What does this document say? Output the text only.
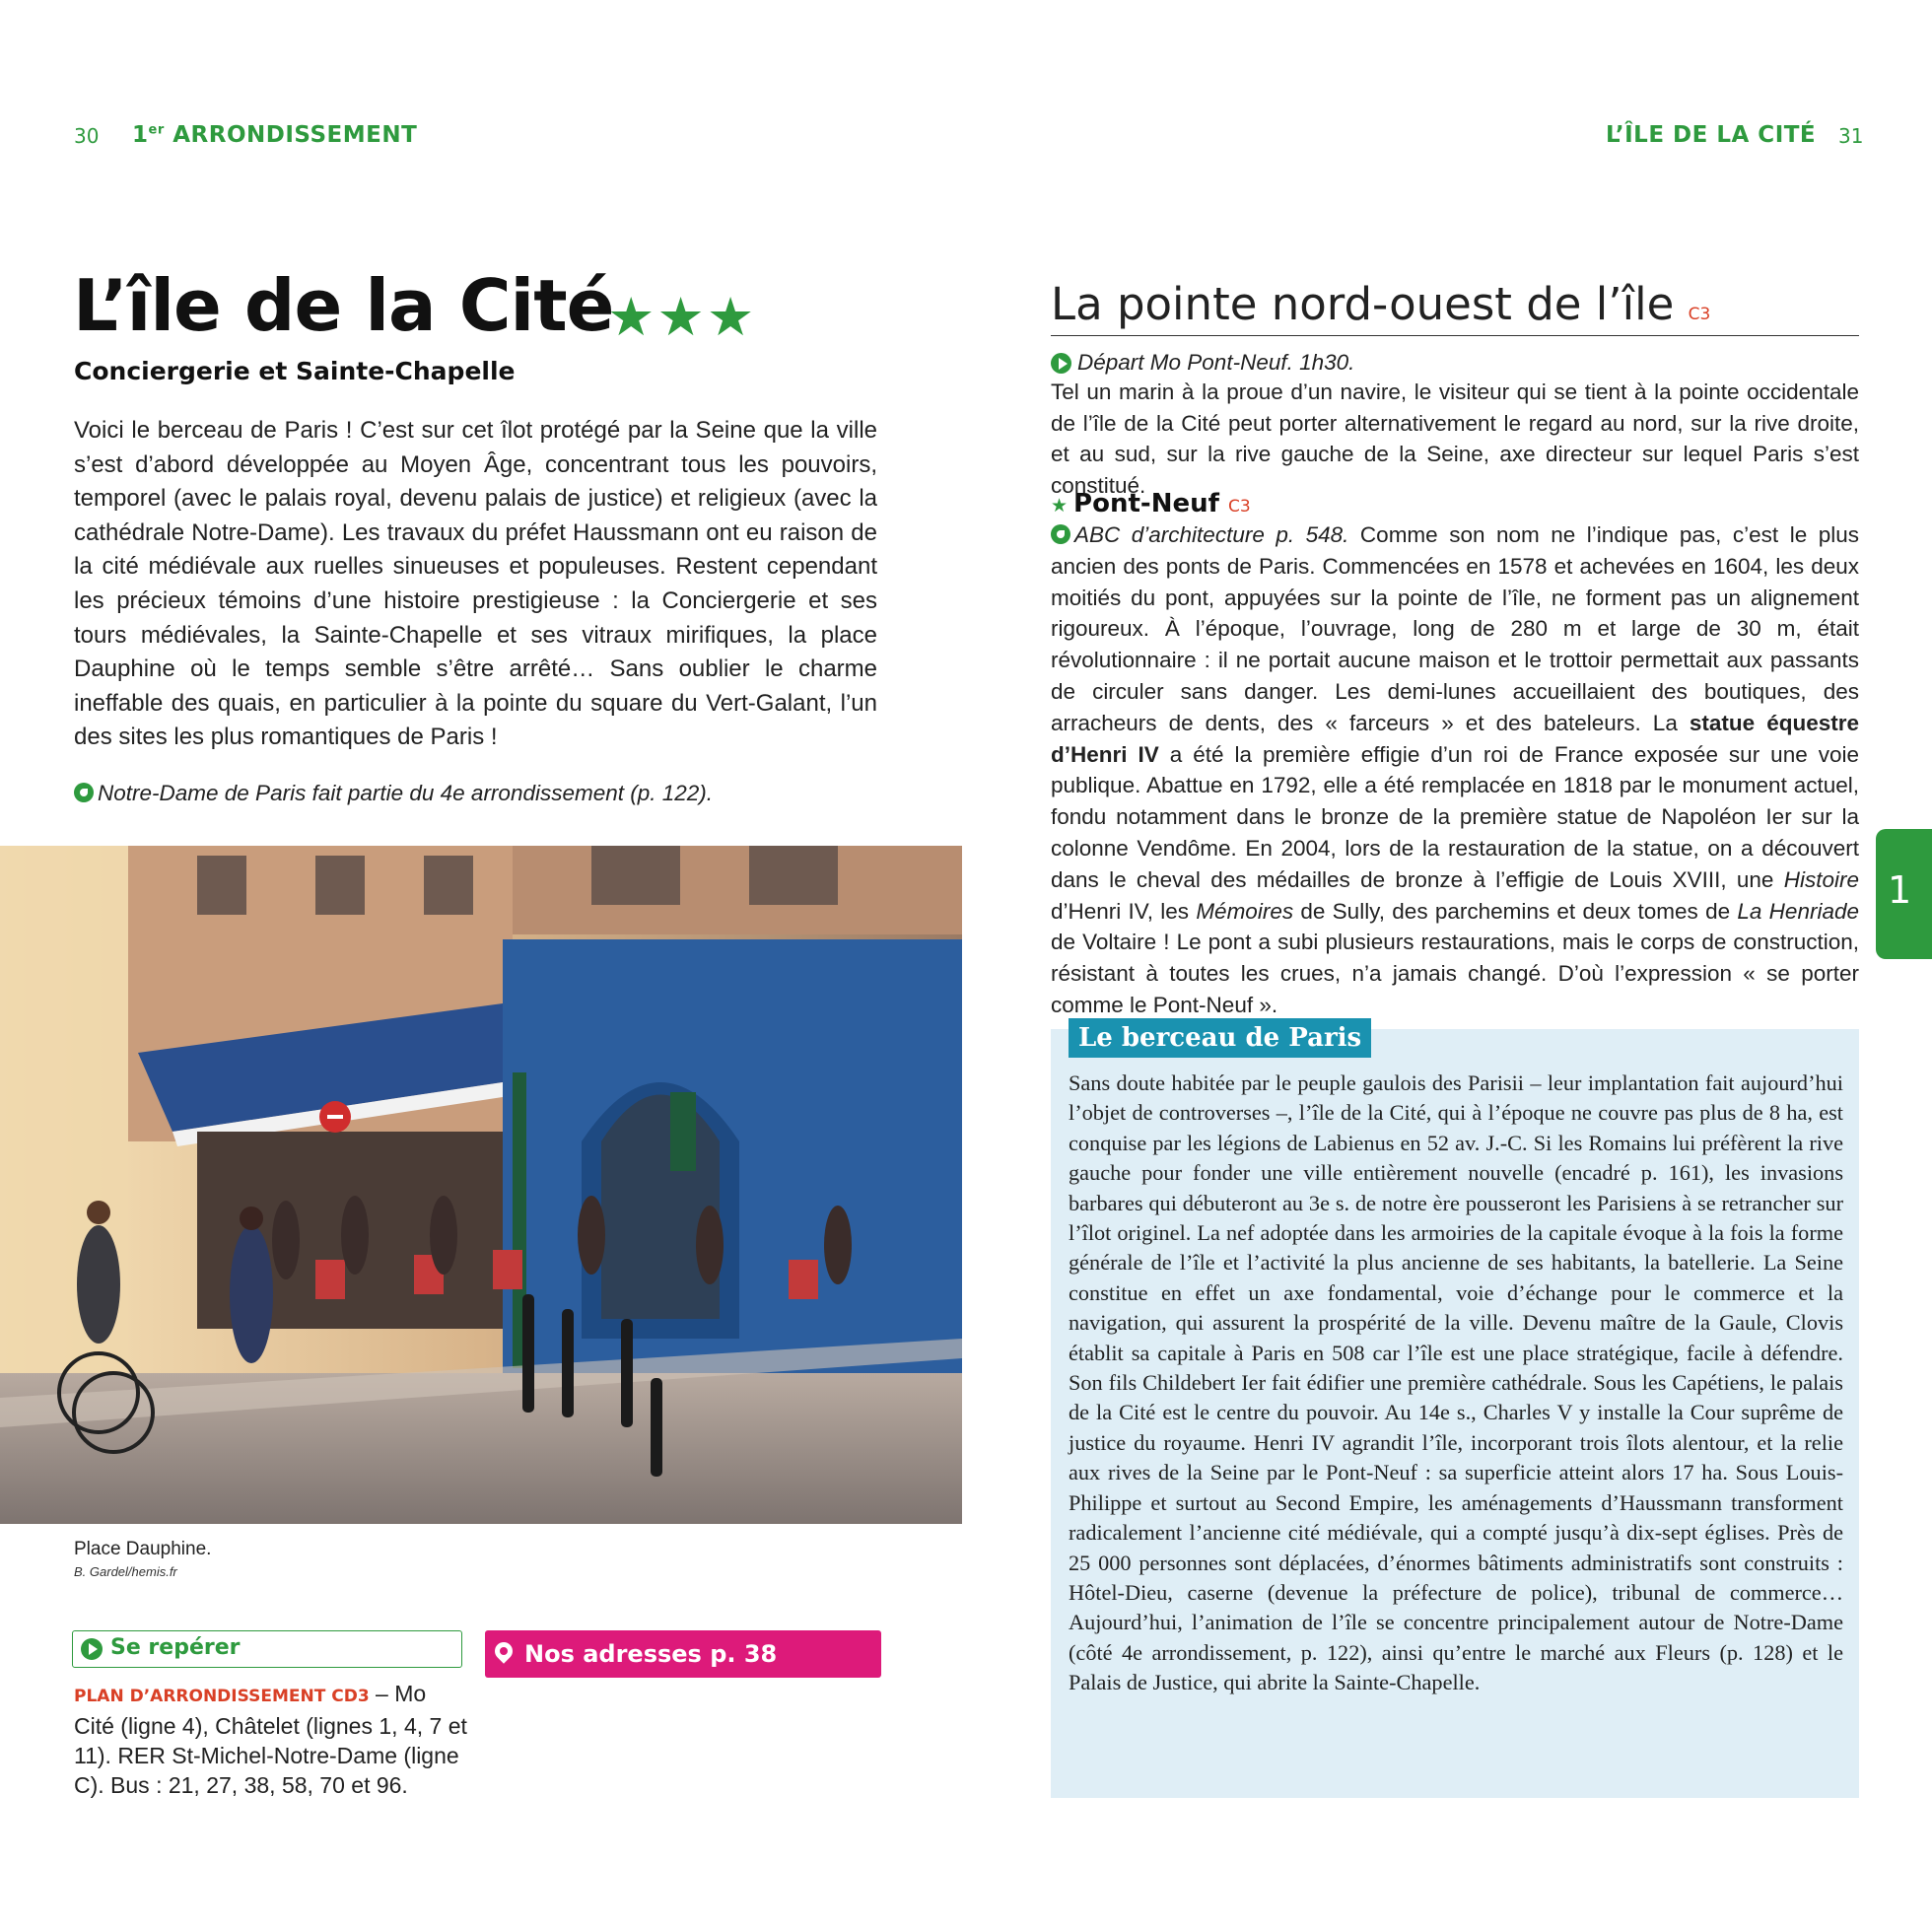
30 1er ARRONDISSEMENT
L’île de la Cité
★★★
Conciergerie et Sainte-Chapelle
Voici le berceau de Paris ! C’est sur cet îlot protégé par la Seine que la ville s’est d’abord développée au Moyen Âge, concentrant tous les pouvoirs, temporel (avec le palais royal, devenu palais de justice) et religieux (avec la cathédrale Notre-Dame). Les travaux du préfet Haussmann ont eu raison de la cité médiévale aux ruelles sinueuses et populeuses. Restent cependant les précieux témoins d’une histoire prestigieuse : la Conciergerie et ses tours médiévales, la Sainte-Chapelle et ses vitraux mirifiques, la place Dauphine où le temps semble s’être arrêté… Sans oublier le charme ineffable des quais, en particulier à la pointe du square du Vert-Galant, l’un des sites les plus romantiques de Paris !
Notre-Dame de Paris fait partie du 4e arrondissement (p. 122).
Place Dauphine.
B. Gardel/hemis.fr
Se repérer	Nos adresses p. 38
PLAN D’ARRONDISSEMENT CD3 – Mo Cité (ligne 4), Châtelet (lignes 1, 4, 7 et 11). RER St-Michel-Notre-Dame (ligne C). Bus : 21, 27, 38, 58, 70 et 96.
L’ÎLE DE LA CITÉ 31
La pointe nord-ouest de l’île C3
Départ Mo Pont-Neuf. 1h30.
Tel un marin à la proue d’un navire, le visiteur qui se tient à la pointe occidentale de l’île de la Cité peut porter alternativement le regard au nord, sur la rive droite, et au sud, sur la rive gauche de la Seine, axe directeur sur lequel Paris s’est constitué.
★ Pont-Neuf C3
ABC d’architecture p. 548. Comme son nom ne l’indique pas, c’est le plus ancien des ponts de Paris. Commencées en 1578 et achevées en 1604, les deux moitiés du pont, appuyées sur la pointe de l’île, ne forment pas un alignement rigoureux. À l’époque, l’ouvrage, long de 280 m et large de 30 m, était révolutionnaire : il ne portait aucune maison et le trottoir permettait aux passants de circuler sans danger. Les demi-lunes accueillaient des boutiques, des arracheurs de dents, des « farceurs » et des bateleurs. La statue équestre d’Henri IV a été la première effigie d’un roi de France exposée sur une voie publique. Abattue en 1792, elle a été remplacée en 1818 par le monument actuel, fondu notamment dans le bronze de la première statue de Napoléon Ier sur la colonne Vendôme. En 2004, lors de la restauration de la statue, on a découvert dans le cheval des médailles de bronze à l’effigie de Louis XVIII, une Histoire d’Henri IV, les Mémoires de Sully, des parchemins et deux tomes de La Henriade de Voltaire ! Le pont a subi plusieurs restaurations, mais le corps de construction, résistant à toutes les crues, n’a jamais changé. D’où l’expression « se porter comme le Pont-Neuf ».
1
Le berceau de Paris
Sans doute habitée par le peuple gaulois des Parisii – leur implantation fait aujourd’hui l’objet de controverses –, l’île de la Cité, qui à l’époque ne couvre pas plus de 8 ha, est conquise par les légions de Labienus en 52 av. J.-C. Si les Romains lui préfèrent la rive gauche pour fonder une ville entièrement nouvelle (encadré p. 161), les invasions barbares qui débuteront au 3e s. de notre ère pousseront les Parisiens à se retrancher sur l’îlot originel. La nef adoptée dans les armoiries de la capitale évoque à la fois la forme générale de l’île et l’activité la plus ancienne de ses habitants, la batellerie. La Seine constitue en effet un axe fondamental, voie d’échange pour le commerce et la navigation, qui assurent la prospérité de la ville. Devenu maître de la Gaule, Clovis établit sa capitale à Paris en 508 car l’île est une place stratégique, facile à défendre. Son fils Childebert Ier fait édifier une première cathédrale. Sous les Capétiens, le palais de la Cité est le centre du pouvoir. Au 14e s., Charles V y installe la Cour suprême de justice du royaume. Henri IV agrandit l’île, incorporant trois îlots alentour, et la relie aux rives de la Seine par le Pont-Neuf : sa superficie atteint alors 17 ha. Sous Louis-Philippe et surtout au Second Empire, les aménagements d’Haussmann transforment radicalement l’ancienne cité médiévale, qui a compté jusqu’à dix-sept églises. Près de 25 000 personnes sont déplacées, d’énormes bâtiments administratifs sont construits : Hôtel-Dieu, caserne (devenue la préfecture de police), tribunal de commerce… Aujourd’hui, l’animation de l’île se concentre principalement autour de Notre-Dame (côté 4e arrondissement, p. 122), ainsi qu’entre le marché aux Fleurs (p. 128) et le Palais de Justice, qui abrite la Sainte-Chapelle.
